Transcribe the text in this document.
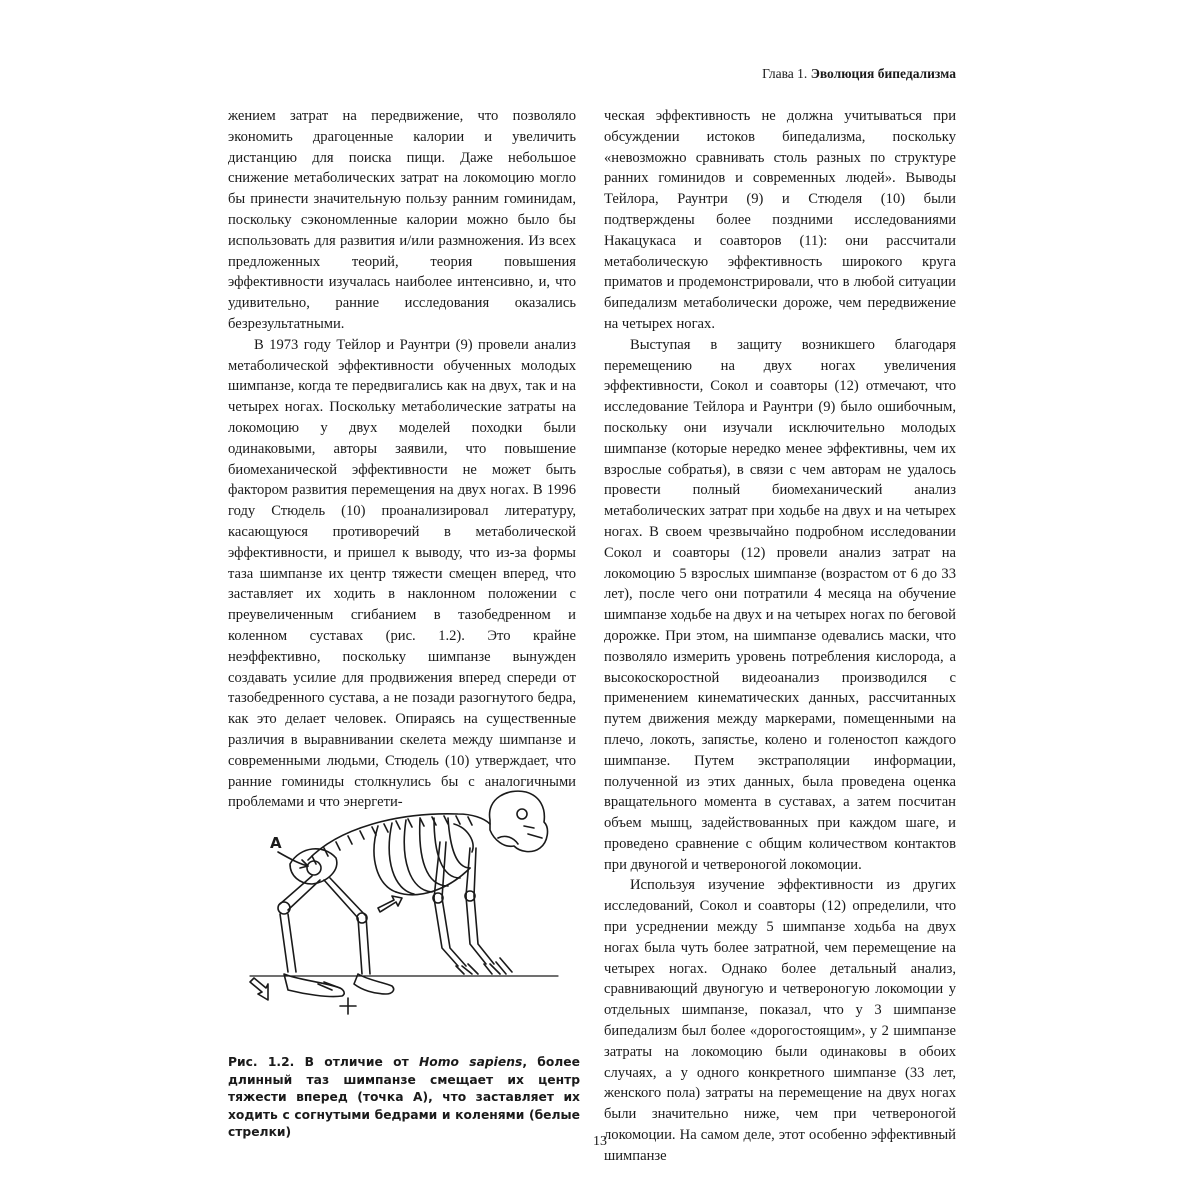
Глава 1. Эволюция бипедализма

жением затрат на передвижение, что позволяло экономить драгоценные калории и увеличить дистанцию для поиска пищи. Даже небольшое снижение метаболических затрат на локомоцию могло бы принести значительную пользу ранним гоминидам, поскольку сэкономленные калории можно было бы использовать для развития и/или размножения. Из всех предложенных теорий, теория повышения эффективности изучалась наиболее интенсивно, и, что удивительно, ранние исследования оказались безрезультатными.

В 1973 году Тейлор и Раунтри (9) провели анализ метаболической эффективности обученных молодых шимпанзе, когда те передвигались как на двух, так и на четырех ногах. Поскольку метаболические затраты на локомоцию у двух моделей походки были одинаковыми, авторы заявили, что повышение биомеханической эффективности не может быть фактором развития перемещения на двух ногах. В 1996 году Стюдель (10) проанализировал литературу, касающуюся противоречий в метаболической эффективности, и пришел к выводу, что из-за формы таза шимпанзе их центр тяжести смещен вперед, что заставляет их ходить в наклонном положении с преувеличенным сгибанием в тазобедренном и коленном суставах (рис. 1.2). Это крайне неэффективно, поскольку шимпанзе вынужден создавать усилие для продвижения вперед спереди от тазобедренного сустава, а не позади разогнутого бедра, как это делает человек. Опираясь на существенные различия в выравнивании скелета между шимпанзе и современными людьми, Стюдель (10) утверждает, что ранние гоминиды столкнулись бы с аналогичными проблемами и что энергети-

ческая эффективность не должна учитываться при обсуждении истоков бипедализма, поскольку «невозможно сравнивать столь разных по структуре ранних гоминидов и современных людей». Выводы Тейлора, Раунтри (9) и Стюделя (10) были подтверждены более поздними исследованиями Накацукаса и соавторов (11): они рассчитали метаболическую эффективность широкого круга приматов и продемонстрировали, что в любой ситуации бипедализм метаболически дороже, чем передвижение на четырех ногах.

Выступая в защиту возникшего благодаря перемещению на двух ногах увеличения эффективности, Сокол и соавторы (12) отмечают, что исследование Тейлора и Раунтри (9) было ошибочным, поскольку они изучали исключительно молодых шимпанзе (которые нередко менее эффективны, чем их взрослые собратья), в связи с чем авторам не удалось провести полный биомеханический анализ метаболических затрат при ходьбе на двух и на четырех ногах. В своем чрезвычайно подробном исследовании Сокол и соавторы (12) провели анализ затрат на локомоцию 5 взрослых шимпанзе (возрастом от 6 до 33 лет), после чего они потратили 4 месяца на обучение шимпанзе ходьбе на двух и на четырех ногах по беговой дорожке. При этом, на шимпанзе одевались маски, что позволяло измерить уровень потребления кислорода, а высокоскоростной видеоанализ производился с применением кинематических данных, рассчитанных путем движения между маркерами, помещенными на плечо, локоть, запястье, колено и голеностоп каждого шимпанзе. Путем экстраполяции информации, полученной из этих данных, была проведена оценка вращательного момента в суставах, а затем посчитан объем мышц, задействованных при каждом шаге, и проведено сравнение с общим количеством контактов при двуногой и четвероногой локомоции.

Используя изучение эффективности из других исследований, Сокол и соавторы (12) определили, что при усреднении между 5 шимпанзе ходьба на двух ногах была чуть более затратной, чем перемещение на четырех ногах. Однако более детальный анализ, сравнивающий двуногую и четвероногую локомоции у отдельных шимпанзе, показал, что у 3 шимпанзе бипедализм был более «дорогостоящим», у 2 шимпанзе затраты на локомоцию были одинаковы в обоих случаях, а у одного конкретного шимпанзе (33 лет, женского пола) затраты на перемещение на двух ногах были значительно ниже, чем при четвероногой локомоции. На самом деле, этот особенно эффективный шимпанзе

A
Рис. 1.2. В отличие от Homo sapiens, более длинный таз шимпанзе смещает их центр тяжести вперед (точка A), что заставляет их ходить с согнутыми бедрами и коленями (белые стрелки)
13
